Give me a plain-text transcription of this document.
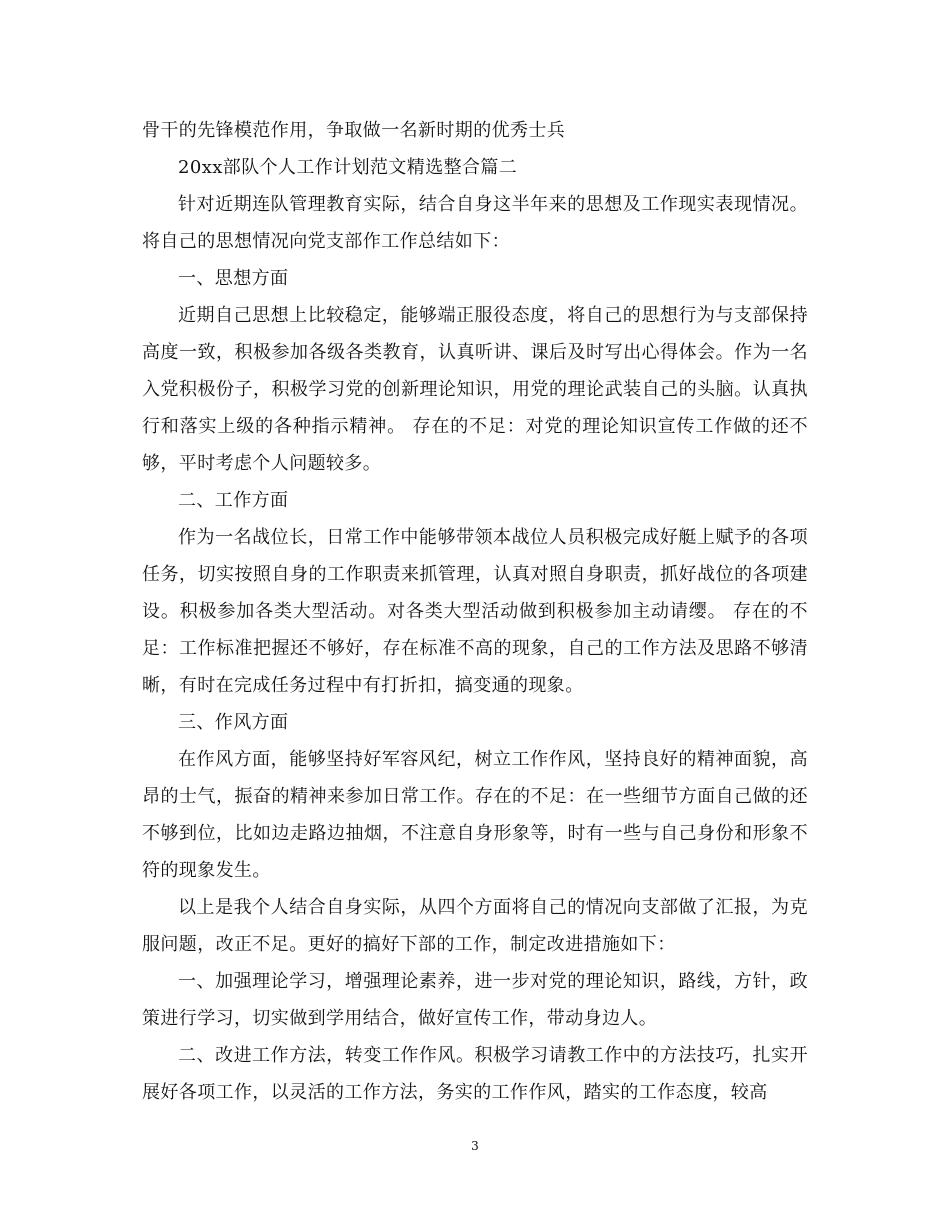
骨干的先锋模范作用，争取做一名新时期的优秀士兵

20xx部队个人工作计划范文精选整合篇二

针对近期连队管理教育实际，结合自身这半年来的思想及工作现实表现情况。将自己的思想情况向党支部作工作总结如下：

一、思想方面

近期自己思想上比较稳定，能够端正服役态度，将自己的思想行为与支部保持高度一致，积极参加各级各类教育，认真听讲、课后及时写出心得体会。作为一名入党积极份子，积极学习党的创新理论知识，用党的理论武装自己的头脑。认真执行和落实上级的各种指示精神。 存在的不足：对党的理论知识宣传工作做的还不够，平时考虑个人问题较多。

二、工作方面

作为一名战位长，日常工作中能够带领本战位人员积极完成好艇上赋予的各项任务，切实按照自身的工作职责来抓管理，认真对照自身职责，抓好战位的各项建设。积极参加各类大型活动。对各类大型活动做到积极参加主动请缨。 存在的不足：工作标准把握还不够好，存在标准不高的现象，自己的工作方法及思路不够清晰，有时在完成任务过程中有打折扣，搞变通的现象。

三、作风方面

在作风方面，能够坚持好军容风纪，树立工作作风，坚持良好的精神面貌，高昂的士气，振奋的精神来参加日常工作。存在的不足：在一些细节方面自己做的还不够到位，比如边走路边抽烟，不注意自身形象等，时有一些与自己身份和形象不符的现象发生。

以上是我个人结合自身实际，从四个方面将自己的情况向支部做了汇报，为克服问题，改正不足。更好的搞好下部的工作，制定改进措施如下：

一、加强理论学习，增强理论素养，进一步对党的理论知识，路线，方针，政策进行学习，切实做到学用结合，做好宣传工作，带动身边人。

二、改进工作方法，转变工作作风。积极学习请教工作中的方法技巧，扎实开展好各项工作，以灵活的工作方法，务实的工作作风，踏实的工作态度，较高

3
